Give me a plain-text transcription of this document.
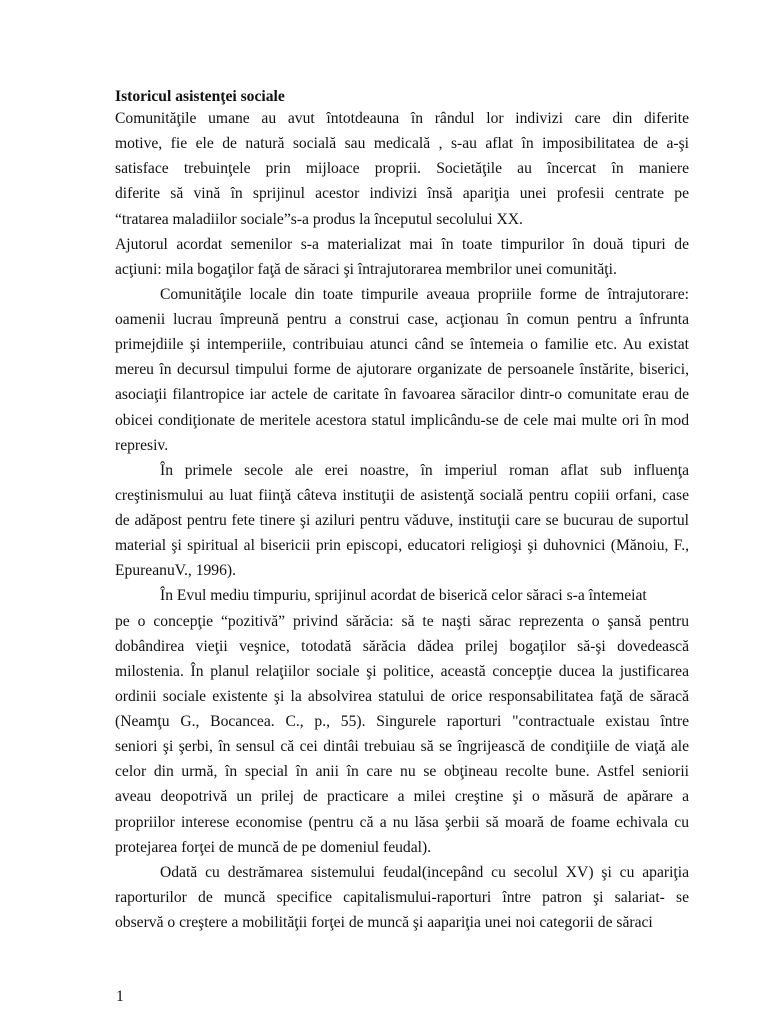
Istoricul asistenţei sociale
Comunităţile umane au avut întotdeauna în rândul lor indivizi care din diferite
motive, fie ele de natură socială sau medicală , s-au aflat în imposibilitatea de a-şi
satisface trebuinţele prin mijloace proprii. Societăţile au încercat în maniere
diferite să vină în sprijinul acestor indivizi însă apariţia unei profesii centrate pe
“tratarea maladiilor sociale”s-a produs la începutul secolului XX.
Ajutorul acordat semenilor s-a materializat mai în toate timpurilor în două tipuri de
acţiuni: mila bogaţilor faţă de săraci şi întrajutorarea membrilor unei comunităţi.
Comunităţile locale din toate timpurile aveaua propriile forme de întrajutorare:
oamenii lucrau împreună pentru a construi case, acţionau în comun pentru a înfrunta
primejdiile şi intemperiile, contribuiau atunci când se întemeia o familie etc. Au existat
mereu în decursul timpului forme de ajutorare organizate de persoanele înstărite, biserici,
asociaţii filantropice iar actele de caritate în favoarea săracilor dintr-o comunitate erau de
obicei condiţionate de meritele acestora statul implicându-se de cele mai multe ori în mod
represiv.
În primele secole ale erei noastre, în imperiul roman aflat sub influenţa
creştinismului au luat fiinţă câteva instituţii de asistenţă socială pentru copiii orfani, case
de adăpost pentru fete tinere şi aziluri pentru văduve, instituţii care se bucurau de suportul
material şi spiritual al bisericii prin episcopi, educatori religioşi şi duhovnici (Mănoiu, F.,
EpureanuV., 1996).
În Evul mediu timpuriu, sprijinul acordat de biserică celor săraci s-a întemeiat
pe o concepţie “pozitivă” privind sărăcia: să te naşti sărac reprezenta o şansă pentru
dobândirea vieţii veşnice, totodată sărăcia dădea prilej bogaţilor să-şi dovedească
milostenia. În planul relaţiilor sociale şi politice, această concepţie ducea la justificarea
ordinii sociale existente şi la absolvirea statului de orice responsabilitatea faţă de săracă
(Neamţu G., Bocancea. C., p., 55). Singurele raporturi "contractuale existau între
seniori şi şerbi, în sensul că cei dintâi trebuiau să se îngrijească de condiţiile de viaţă ale
celor din urmă, în special în anii în care nu se obţineau recolte bune. Astfel seniorii
aveau deopotrivă un prilej de practicare a milei creştine şi o măsură de apărare a
propriilor interese economise (pentru că a nu lăsa şerbii să moară de foame echivala cu
protejarea forţei de muncă de pe domeniul feudal).
Odată cu destrămarea sistemului feudal(incepând cu secolul XV) şi cu apariţia
raporturilor de muncă specifice capitalismului-raporturi între patron şi salariat- se
observă o creştere a mobilităţii forţei de muncă şi aapariţia unei noi categorii de săraci
1
